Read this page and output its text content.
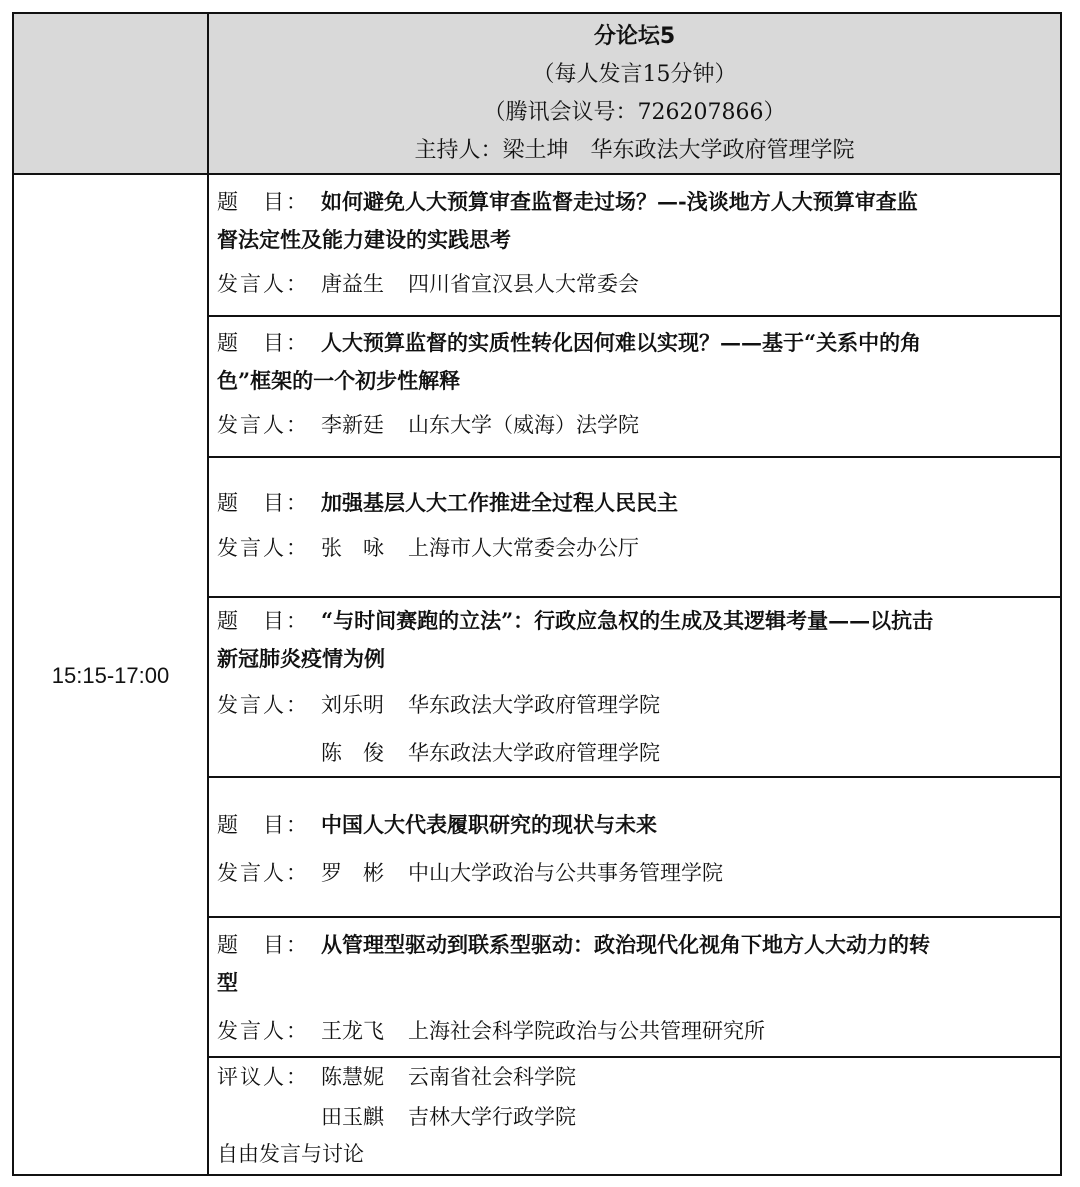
分论坛5
（每人发言15分钟）
（腾讯会议号：726207866）
主持人：梁土坤　华东政法大学政府管理学院
15:15-17:00
题　目： 如何避免人大预算审查监督走过场？—-浅谈地方人大预算审查监
督法定性及能力建设的实践思考
发言人： 唐益生 四川省宣汉县人大常委会
题　目： 人大预算监督的实质性转化因何难以实现？——基于“关系中的角
色”框架的一个初步性解释
发言人： 李新廷 山东大学（威海）法学院
题　目： 加强基层人大工作推进全过程人民民主
发言人： 张　咏 上海市人大常委会办公厅
题　目： “与时间赛跑的立法”：行政应急权的生成及其逻辑考量——以抗击
新冠肺炎疫情为例
发言人： 刘乐明 华东政法大学政府管理学院
陈　俊 华东政法大学政府管理学院
题　目： 中国人大代表履职研究的现状与未来
发言人： 罗　彬 中山大学政治与公共事务管理学院
题　目： 从管理型驱动到联系型驱动：政治现代化视角下地方人大动力的转
型
发言人： 王龙飞 上海社会科学院政治与公共管理研究所
评议人： 陈慧妮 云南省社会科学院
田玉麒 吉林大学行政学院
自由发言与讨论
